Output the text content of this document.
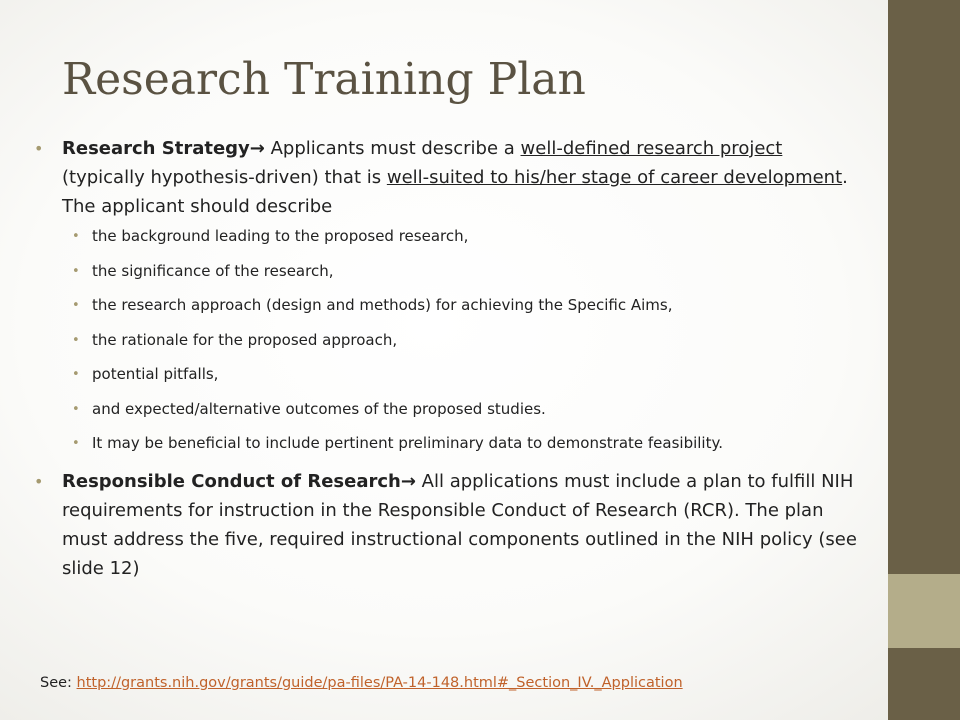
Research Training Plan

• Research Strategy→ Applicants must describe a well-defined research project (typically hypothesis-driven) that is well-suited to his/her stage of career development. The applicant should describe

• the background leading to the proposed research,
• the significance of the research,
• the research approach (design and methods) for achieving the Specific Aims,
• the rationale for the proposed approach,
• potential pitfalls,
• and expected/alternative outcomes of the proposed studies.
• It may be beneficial to include pertinent preliminary data to demonstrate feasibility.

• Responsible Conduct of Research→ All applications must include a plan to fulfill NIH requirements for instruction in the Responsible Conduct of Research (RCR). The plan must address the five, required instructional components outlined in the NIH policy (see slide 12)

See: http://grants.nih.gov/grants/guide/pa-files/PA-14-148.html#_Section_IV._Application
